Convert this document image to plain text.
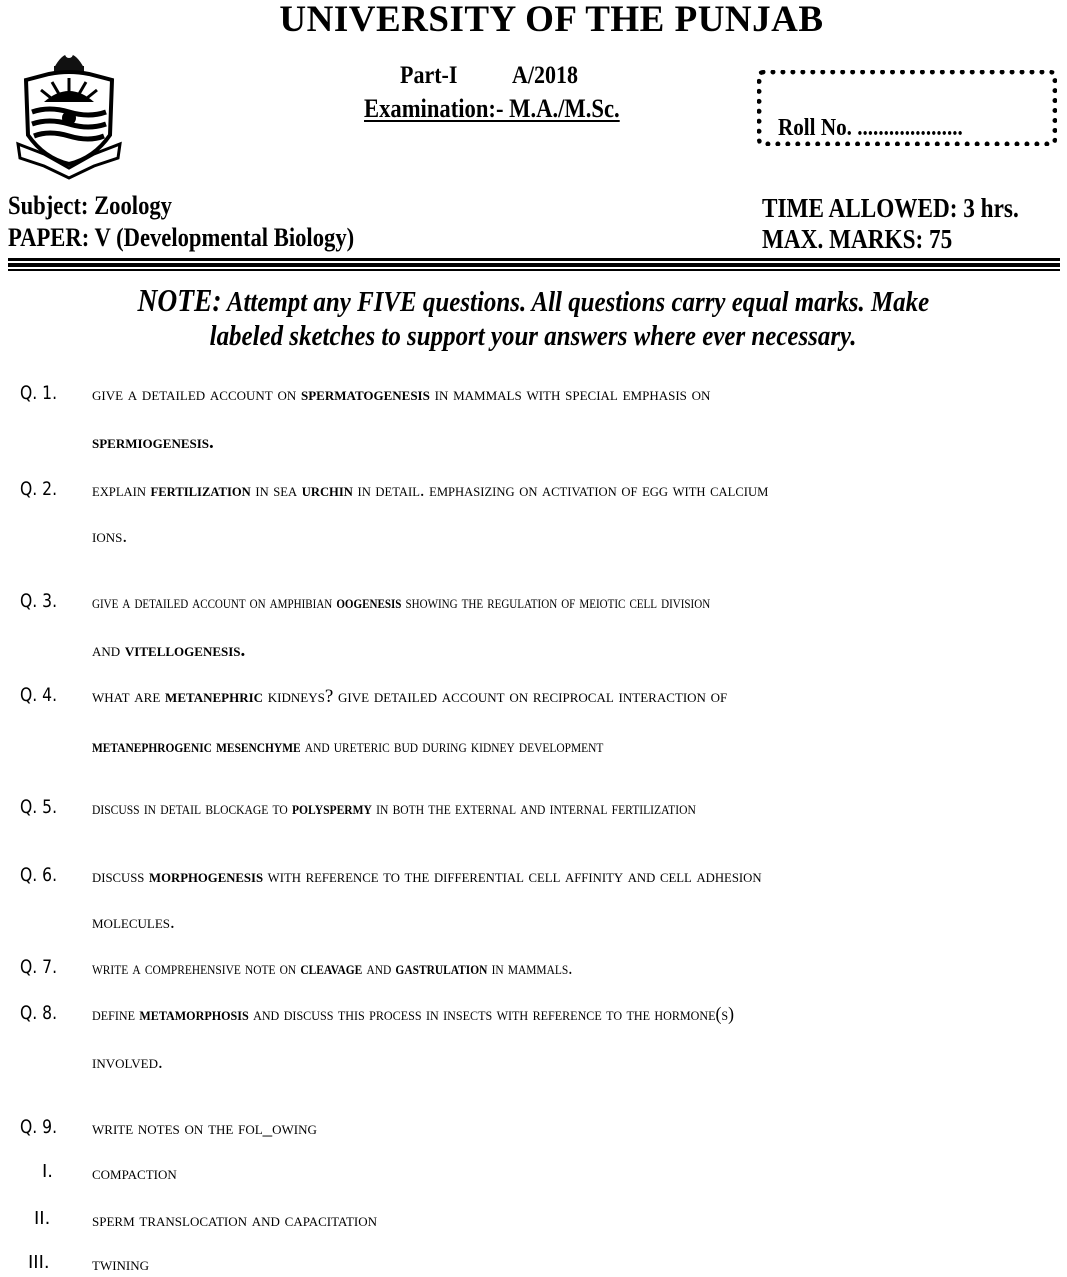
UNIVERSITY OF THE PUNJAB
Part-I A/2018
Examination:- M.A./M.Sc.
Roll No. ....................
Subject: Zoology
PAPER: V (Developmental Biology)
TIME ALLOWED: 3 hrs.
MAX. MARKS: 75
NOTE: Attempt any FIVE questions. All questions carry equal marks. Make
labeled sketches to support your answers where ever necessary.
Q. 1. give a detailed account on spermatogenesis in mammals with special emphasis on
spermiogenesis.
Q. 2. explain fertilization in sea urchin in detail. emphasizing on activation of egg with calcium
ions.
Q. 3. give a detailed account on amphibian oogenesis showing the regulation of meiotic cell division
and vitellogenesis.
Q. 4. what are metanephric kidneys? give detailed account on reciprocal interaction of
metanephrogenic mesenchyme and ureteric bud during kidney development
Q. 5. discuss in detail blockage to polyspermy in both the external and internal fertilization
Q. 6. discuss morphogenesis with reference to the differential cell affinity and cell adhesion
molecules.
Q. 7. write a comprehensive note on cleavage and gastrulation in mammals.
Q. 8. define metamorphosis and discuss this process in insects with reference to the hormone(s)
involved.
Q. 9. write notes on the fol_owing
I. compaction
II. sperm translocation and capacitation
III. twining
